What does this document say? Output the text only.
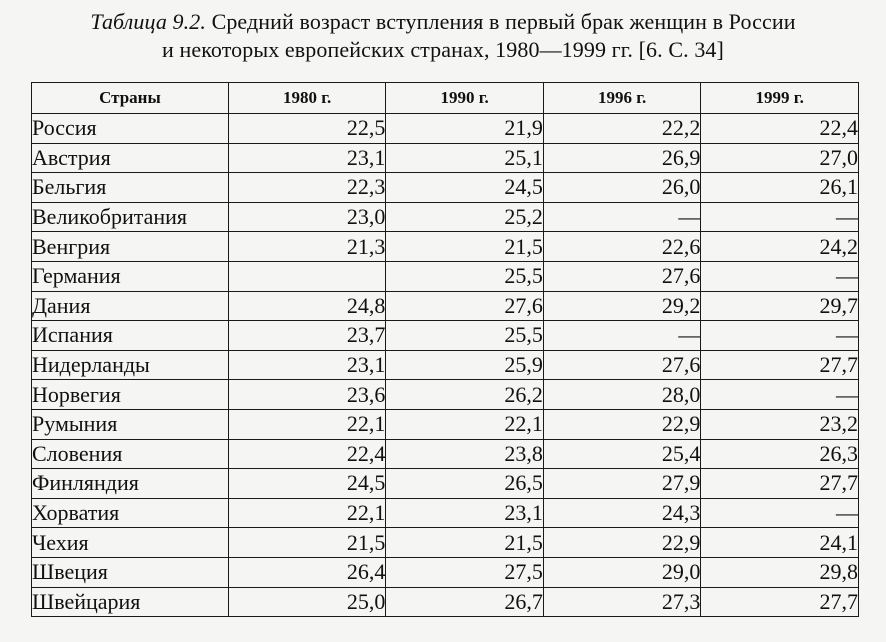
Таблица 9.2. Средний возраст вступления в первый брак женщин в России
и некоторых европейских странах, 1980—1999 гг. [6. С. 34]
Страны	1980 г.	1990 г.	1996 г.	1999 г.
Россия	22,5	21,9	22,2	22,4
Австрия	23,1	25,1	26,9	27,0
Бельгия	22,3	24,5	26,0	26,1
Великобритания	23,0	25,2	—	—
Венгрия	21,3	21,5	22,6	24,2
Германия		25,5	27,6	—
Дания	24,8	27,6	29,2	29,7
Испания	23,7	25,5	—	—
Нидерланды	23,1	25,9	27,6	27,7
Норвегия	23,6	26,2	28,0	—
Румыния	22,1	22,1	22,9	23,2
Словения	22,4	23,8	25,4	26,3
Финляндия	24,5	26,5	27,9	27,7
Хорватия	22,1	23,1	24,3	—
Чехия	21,5	21,5	22,9	24,1
Швеция	26,4	27,5	29,0	29,8
Швейцария	25,0	26,7	27,3	27,7
